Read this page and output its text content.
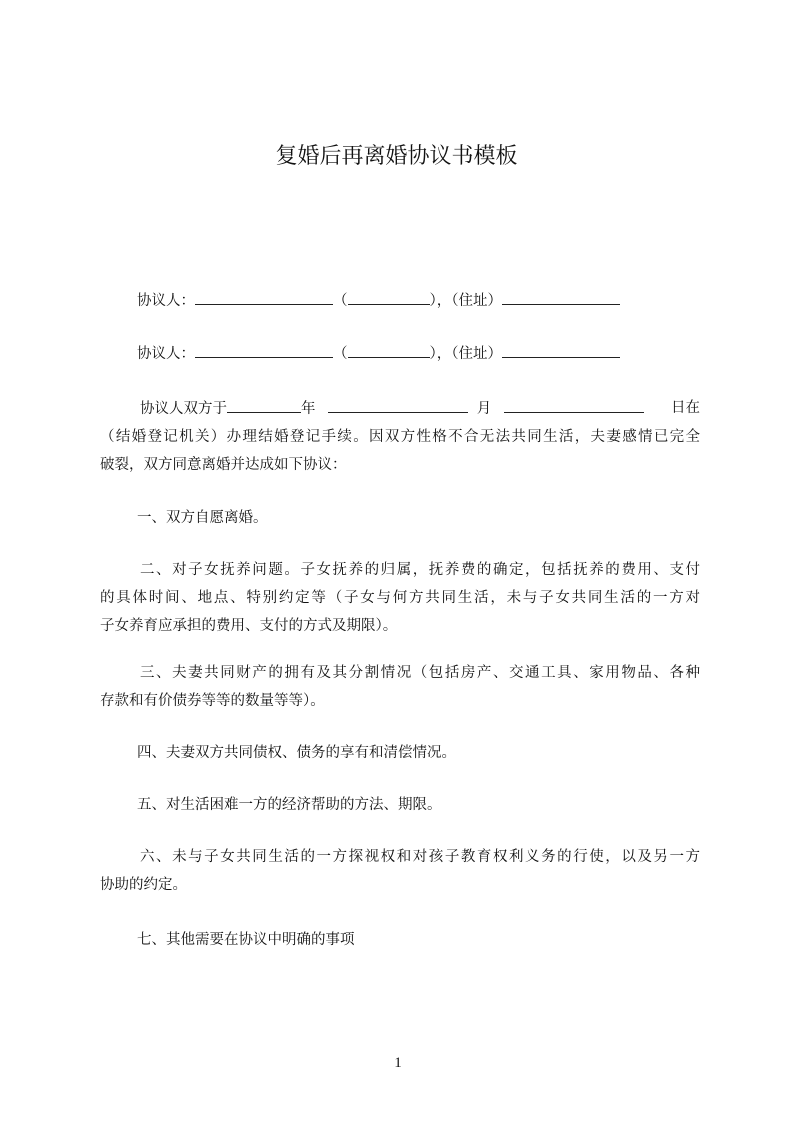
复婚后再离婚协议书模板
协议人：	（	），（住址）
协议人：	（	），（住址）
协议人双方于	年	月	日在
（结婚登记机关）办理结婚登记手续。因双方性格不合无法共同生活，夫妻感情已完全
破裂，双方同意离婚并达成如下协议：
一、双方自愿离婚。
二、对子女抚养问题。子女抚养的归属，抚养费的确定，包括抚养的费用、支付
的具体时间、地点、特别约定等（子女与何方共同生活，未与子女共同生活的一方对
子女养育应承担的费用、支付的方式及期限）。
三、夫妻共同财产的拥有及其分割情况（包括房产、交通工具、家用物品、各种
存款和有价债券等等的数量等等）。
四、夫妻双方共同债权、债务的享有和清偿情况。
五、对生活困难一方的经济帮助的方法、期限。
六、未与子女共同生活的一方探视权和对孩子教育权利义务的行使，以及另一方
协助的约定。
七、其他需要在协议中明确的事项
1
